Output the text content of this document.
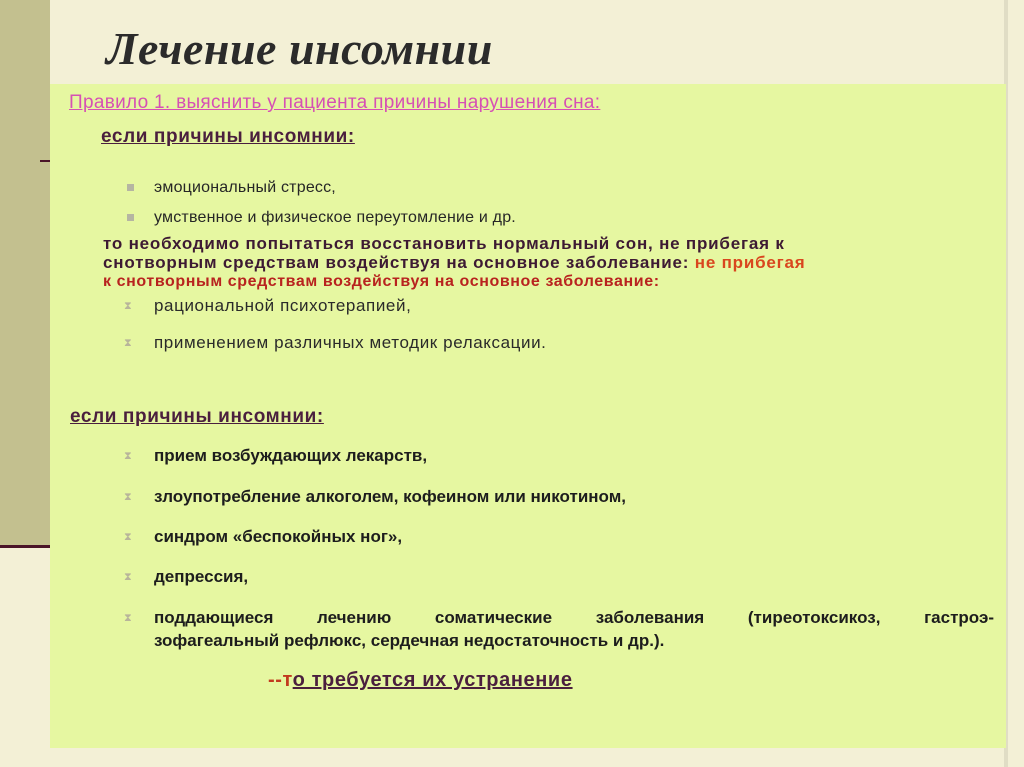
Лечение инсомнии
Правило 1. выяснить у пациента причины нарушения сна:
если причины инсомнии:
эмоциональный стресс,
умственное и физическое переутомление и др.
то необходимо попытаться восстановить нормальный сон, не прибегая к
снотворным средствам воздействуя на основное заболевание: не прибегая
к снотворным средствам воздействуя на основное заболевание:
⧗ рациональной психотерапией,
⧗ применением различных методик релаксации.
если причины инсомнии:
⧗ прием возбуждающих лекарств,
⧗ злоупотребление алкоголем, кофеином или никотином,
⧗ синдром «беспокойных ног»,
⧗ депрессия,
⧗ поддающиеся лечению соматические заболевания (тиреотоксикоз, гастроэ-
зофагеальный рефлюкс, сердечная недостаточность и др.).
--то требуется их устранение
